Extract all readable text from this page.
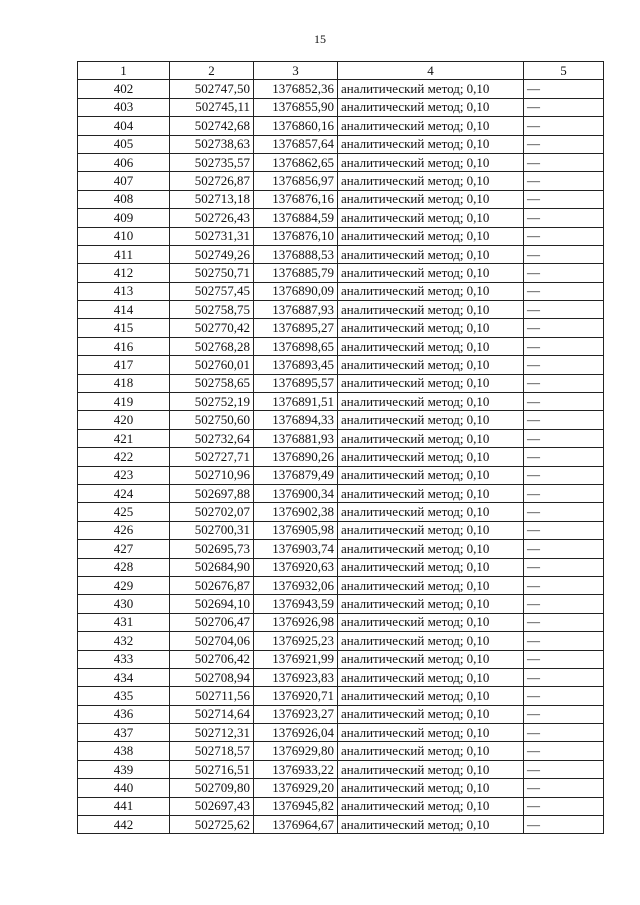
15
1	2	3	4	5
402	502747,50	1376852,36	аналитический метод; 0,10	—
403	502745,11	1376855,90	аналитический метод; 0,10	—
404	502742,68	1376860,16	аналитический метод; 0,10	—
405	502738,63	1376857,64	аналитический метод; 0,10	—
406	502735,57	1376862,65	аналитический метод; 0,10	—
407	502726,87	1376856,97	аналитический метод; 0,10	—
408	502713,18	1376876,16	аналитический метод; 0,10	—
409	502726,43	1376884,59	аналитический метод; 0,10	—
410	502731,31	1376876,10	аналитический метод; 0,10	—
411	502749,26	1376888,53	аналитический метод; 0,10	—
412	502750,71	1376885,79	аналитический метод; 0,10	—
413	502757,45	1376890,09	аналитический метод; 0,10	—
414	502758,75	1376887,93	аналитический метод; 0,10	—
415	502770,42	1376895,27	аналитический метод; 0,10	—
416	502768,28	1376898,65	аналитический метод; 0,10	—
417	502760,01	1376893,45	аналитический метод; 0,10	—
418	502758,65	1376895,57	аналитический метод; 0,10	—
419	502752,19	1376891,51	аналитический метод; 0,10	—
420	502750,60	1376894,33	аналитический метод; 0,10	—
421	502732,64	1376881,93	аналитический метод; 0,10	—
422	502727,71	1376890,26	аналитический метод; 0,10	—
423	502710,96	1376879,49	аналитический метод; 0,10	—
424	502697,88	1376900,34	аналитический метод; 0,10	—
425	502702,07	1376902,38	аналитический метод; 0,10	—
426	502700,31	1376905,98	аналитический метод; 0,10	—
427	502695,73	1376903,74	аналитический метод; 0,10	—
428	502684,90	1376920,63	аналитический метод; 0,10	—
429	502676,87	1376932,06	аналитический метод; 0,10	—
430	502694,10	1376943,59	аналитический метод; 0,10	—
431	502706,47	1376926,98	аналитический метод; 0,10	—
432	502704,06	1376925,23	аналитический метод; 0,10	—
433	502706,42	1376921,99	аналитический метод; 0,10	—
434	502708,94	1376923,83	аналитический метод; 0,10	—
435	502711,56	1376920,71	аналитический метод; 0,10	—
436	502714,64	1376923,27	аналитический метод; 0,10	—
437	502712,31	1376926,04	аналитический метод; 0,10	—
438	502718,57	1376929,80	аналитический метод; 0,10	—
439	502716,51	1376933,22	аналитический метод; 0,10	—
440	502709,80	1376929,20	аналитический метод; 0,10	—
441	502697,43	1376945,82	аналитический метод; 0,10	—
442	502725,62	1376964,67	аналитический метод; 0,10	—
